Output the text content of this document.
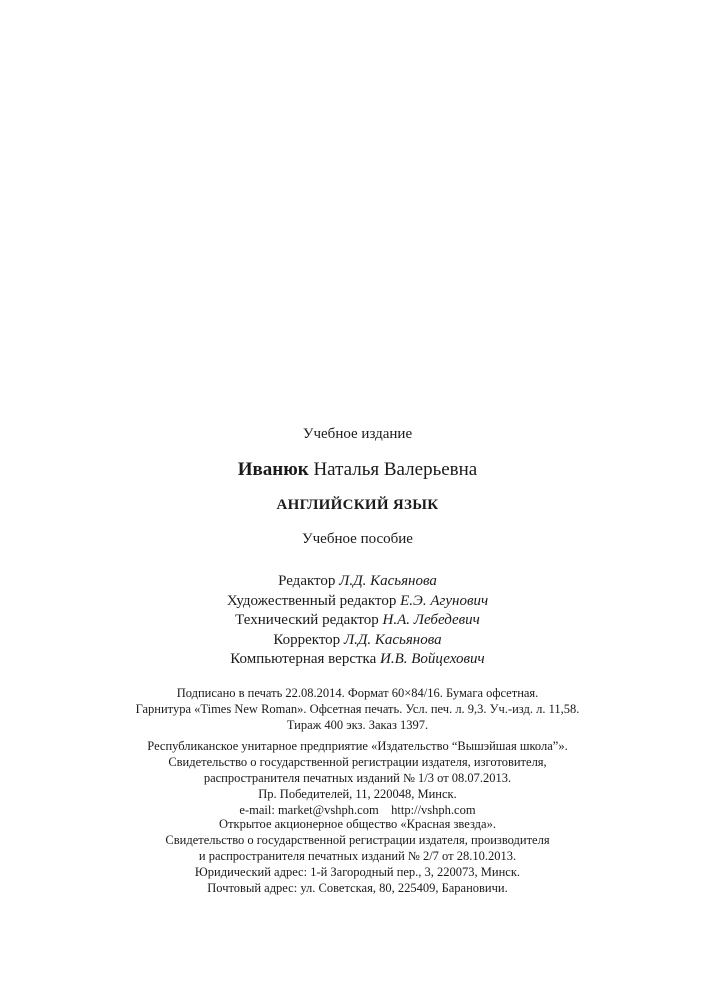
Учебное издание
Иванюк Наталья Валерьевна
АНГЛИЙСКИЙ ЯЗЫК
Учебное пособие
Редактор Л.Д. Касьянова
Художественный редактор Е.Э. Агунович
Технический редактор Н.А. Лебедевич
Корректор Л.Д. Касьянова
Компьютерная верстка И.В. Войцехович
Подписано в печать 22.08.2014. Формат 60×84/16. Бумага офсетная.
Гарнитура «Times New Roman». Офсетная печать. Усл. печ. л. 9,3. Уч.-изд. л. 11,58.
Тираж 400 экз. Заказ 1397.
Республиканское унитарное предприятие «Издательство “Вышэйшая школа”».
Свидетельство о государственной регистрации издателя, изготовителя,
распространителя печатных изданий № 1/3 от 08.07.2013.
Пр. Победителей, 11, 220048, Минск.
e-mail: market@vshph.com    http://vshph.com
Открытое акционерное общество «Красная звезда».
Свидетельство о государственной регистрации издателя, производителя
и распространителя печатных изданий № 2/7 от 28.10.2013.
Юридический адрес: 1-й Загородный пер., 3, 220073, Минск.
Почтовый адрес: ул. Советская, 80, 225409, Барановичи.
